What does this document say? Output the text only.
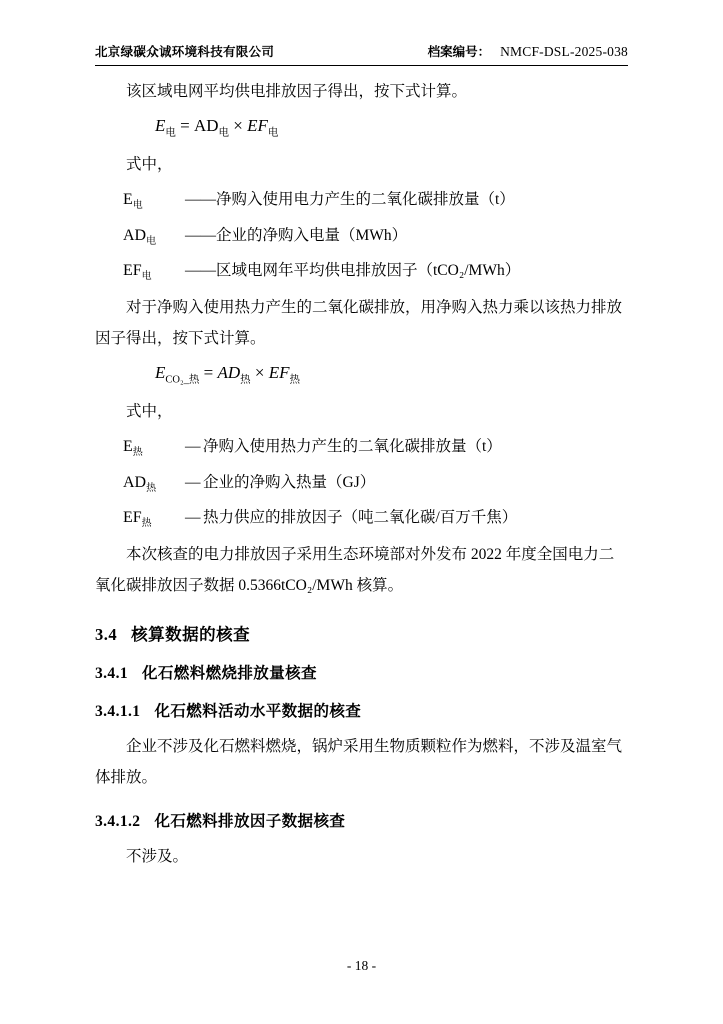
北京绿碳众诚环境科技有限公司	档案编号： NMCF-DSL-2025-038

该区域电网平均供电排放因子得出，按下式计算。

$E_电 = AD_电 \times EF_电$
式中，
$E_电$	—— 净购入使用电力产生的二氧化碳排放量（t）
$AD_电$	—— 企业的净购入电量（MWh）
$EF_电$	—— 区域电网年平均供电排放因子（tCO₂/MWh）

对于净购入使用热力产生的二氧化碳排放，用净购入热力乘以该热力排放因子得出，按下式计算。

$E_{CO_2\_热} = AD_热 \times EF_热$
式中，
$E_热$	— 净购入使用热力产生的二氧化碳排放量（t）
$AD_热$	— 企业的净购入热量（GJ）
$EF_热$	— 热力供应的排放因子（吨二氧化碳/百万千焦）

本次核查的电力排放因子采用生态环境部对外发布 2022 年度全国电力二氧化碳排放因子数据 0.5366tCO₂/MWh 核算。

3.4 核算数据的核查
3.4.1 化石燃料燃烧排放量核查
3.4.1.1 化石燃料活动水平数据的核查

企业不涉及化石燃料燃烧，锅炉采用生物质颗粒作为燃料，不涉及温室气体排放。

3.4.1.2 化石燃料排放因子数据核查

不涉及。

- 18 -
